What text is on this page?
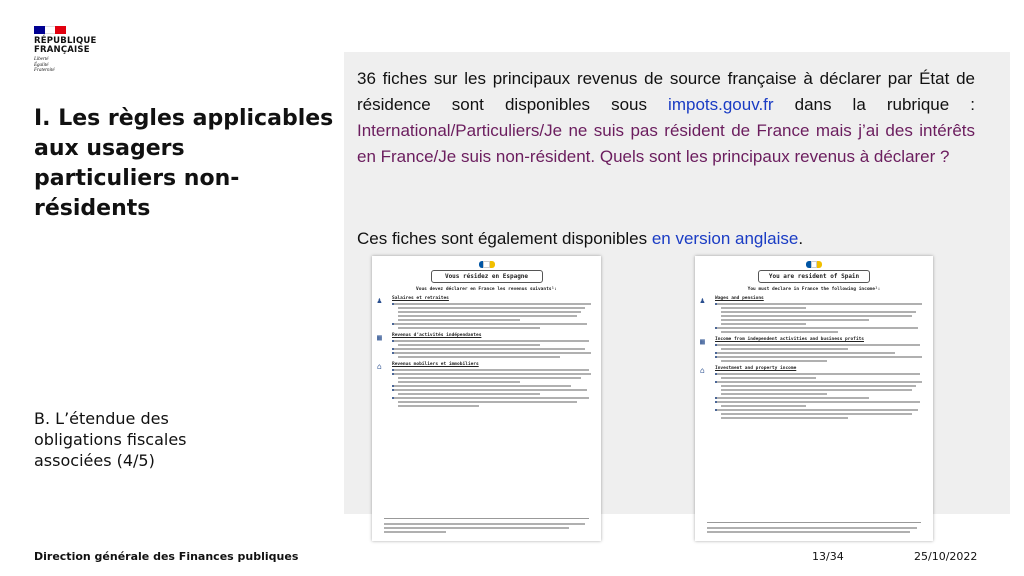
RÉPUBLIQUE
FRANÇAISE
Liberté
Égalité
Fraternité
I. Les règles applicables aux usagers particuliers non-résidents
B. L’étendue des obligations fiscales associées (4/5)
36 fiches sur les principaux revenus de source française à déclarer par État de résidence sont disponibles sous impots.gouv.fr dans la rubrique : International/Particuliers/Je ne suis pas résident de France mais j’ai des intérêts en France/Je suis non-résident. Quels sont les principaux revenus à déclarer ?
Ces fiches sont également disponibles en version anglaise.
Vous résidez en Espagne
Vous devez déclarer en France les revenus suivants¹:
♟ Salaires et retraites
▦ Revenus d’activités indépendantes
⌂ Revenus mobiliers et immobiliers
You are resident of Spain
You must declare in France the following income¹:
♟ Wages and pensions
▦ Income from independent activities and business profits
⌂ Investment and property income
Direction générale des Finances publiques	13/34	25/10/2022
